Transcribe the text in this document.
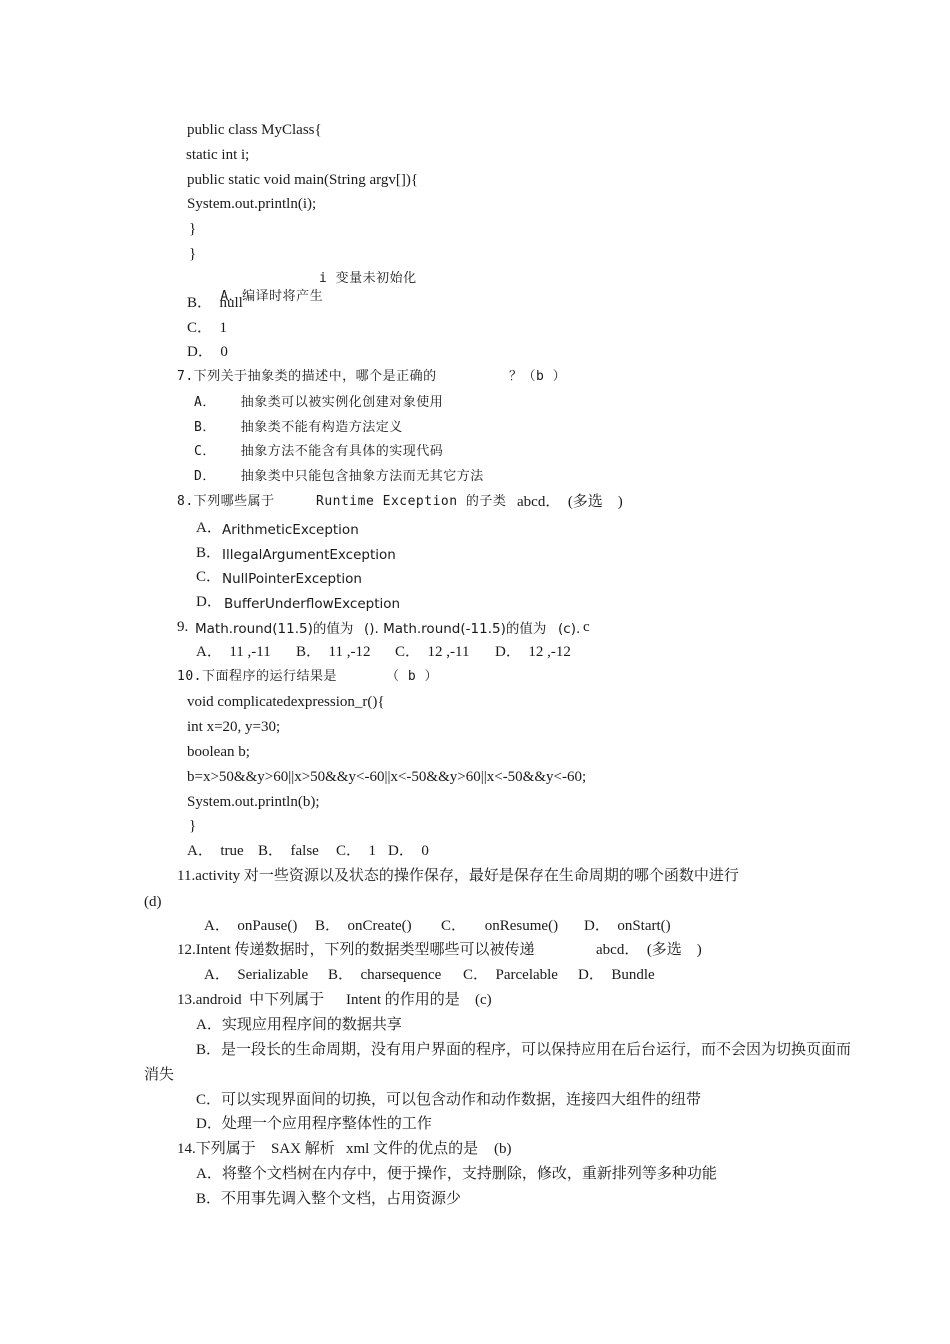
public class MyClass{
static int i;
public static void main(String argv[]){
System.out.println(i);
}
}

A．编译时将产生
i 变量未初始化

B．  null
C．  1
D．  0
7.下列关于抽象类的描述中，哪个是正确的	？（b ）
A．   抽象类可以被实例化创建对象使用
B．   抽象类不能有构造方法定义
C．   抽象方法不能含有具体的实现代码
D．   抽象类中只能包含抽象方法而无其它方法
8.下列哪些属于	Runtime Exception 的子类 abcd．  (多选    )
A． ArithmeticException
B． IllegalArgumentException
C． NullPointerException
D． BufferUnderflowException
9. Math.round(11.5)的值为 (). Math.round(-11.5)的值为 (c). c
A．  11 ,-11 B．  11 ,-12 C．  12 ,-11 D．  12 ,-12
10.下面程序的运行结果是	（ b ）
void complicatedexpression_r(){
int x=20, y=30;
boolean b;
b=x>50&&y>60||x>50&&y<-60||x<-50&&y>60||x<-50&&y<-60;
System.out.println(b);
}
A．  true B．  false C．  1 D．  0
11.activity 对一些资源以及状态的操作保存，最好是保存在生命周期的哪个函数中进行
(d)
A．  onPause() B．  onCreate() C．     onResume() D．  onStart()
12.Intent 传递数据时，下列的数据类型哪些可以被传递	abcd．  (多选    )
A．  Serializable B．  charsequence C．  Parcelable D．  Bundle
13.android  中下列属于 Intent 的作用的是 (c)
A．实现应用程序间的数据共享
B．是一段长的生命周期，没有用户界面的程序，可以保持应用在后台运行，而不会因为切换页面而
消失
C．可以实现界面间的切换，可以包含动作和动作数据，连接四大组件的纽带
D．处理一个应用程序整体性的工作
14.下列属于 SAX 解析 xml 文件的优点的是 (b)
A．将整个文档树在内存中，便于操作，支持删除，修改，重新排列等多种功能
B．不用事先调入整个文档，占用资源少
